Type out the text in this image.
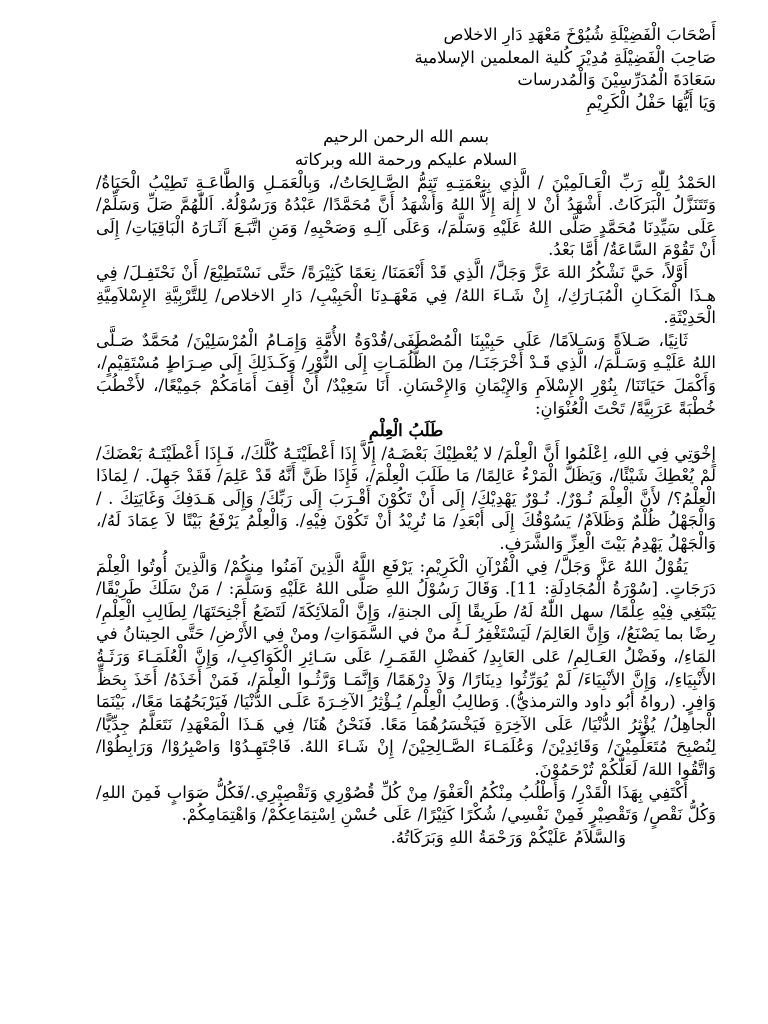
أَصْحَابَ الْفَضِيْلَةِ شُيُوْخَ مَعْهَدِ دَارِ الاخلاص

صَاحِبَ الْفَضِيْلَةِ مُدِيْرَ كُلية المعلمين الإسلامية

سَعَادَةَ الْمُدَرِّسِيْنَ وَالْمُدرسات

وَيَا أَيُّهَا حَفْلُ الْكَرِيْمِ

بسم الله الرحمن الرحيم

السلام عليكم ورحمة الله وبركاته

الحَمْدُ لِلّٰهِ رَبِّ الْعَـالَمِيْنَ / الَّذِي بِنِعْمَتِـهِ تَتِمُّ الصَّـالِحَاتُ/، وَبِالْعَمَـلِ وَالطَّاعَـةِ تَطِيْبُ الْحَيَاةُ/ وَتَتَنَزَّلُ الْبَرَكَاتُ. أَشْهَدُ أَنْ لا إِلٰهَ إِلاَّ اللهُ وَأَشْهَدُ أَنَّ مُحَمَّدًا/ عَبْدُهُ وَرَسُوْلُهُ. اَللّٰهُمَّ صَلِّ وَسَلِّمْ/ عَلَى سَيِّدِنَا مُحَمَّدٍ صَلَّى اللهُ عَلَيْهِ وَسَلَّمَ/، وَعَلَى آلِـهِ وَصَحْبِهِ/ وَمَنِ اتَّبَـعَ آثَـارَهُ الْبَاقِيَاتِ/ إِلَى أَنْ تَقُوْمَ السَّاعَةُ/ أَمَّا بَعْدُ.

أَوَّلاً، حَيَّ نَشْكُرُ اللهَ عَزَّ وَجَلَّ/ الَّذِي قَدْ أَنْعَمَنَا/ نِعَمًا كَثِيْرَةً/ حَتَّى نَسْتَطِيْعَ/ أَنْ نَحْتَفِـلَ/ فِي هـذَا الْمَكَـانِ الْمُبَـارَكِ/، إِنْ شَـاءَ اللهُ/ فِي مَعْهَـدِنَا الْحَبِيْبِ/ دَارِ الاخلاص/ لِلتَّرْبِيَّةِ الإِسْلاَمِيَّةِ الْحَدِيْثَةِ.

ثَانِيًا، صَـلاَةً وَسَـلاَمًا/ عَلَى حَبِيْبِنَا الْمُصْطَفَى/قُدْوَةُ الأُمَّةِ وَإِمَـامُ الْمُرْسَلِيْنَ/ مُحَمَّدٌ صَـلَّى اللهُ عَلَيْـهِ وَسَـلَّمَ/، الَّذِي قَـدْ أَخْرَجَنَـا/ مِنَ الظُّلُمَـاتِ إِلَى النُّوْرِ/ وَكَـذَلِكَ إِلَى صِـرَاطٍ مُسْتَقِيْمٍ/، وَأَكْمَلَ حَيَاتَنَا/ بِنُوْرِ الإِسْلاَمِ وَالإِيْمَانِ وَالإِحْسَانِ. أَنَا سَعِيْدٌ/ أَنْ أَقِفَ أَمَامَكُمْ جَمِيْعًا/، لأَخْطُبَ خُطْبَةً عَرَبِيَّةً/ تَحْتَ الْعُنْوَانِ:

طَلَبُ الْعِلْمِ

إِخْوَتِي فِي اللهِ، اِعْلَمُوا أَنَّ الْعِلْمَ/ لا يُعْطِيْكَ بَعْضَـهُ/ إِلاَّ إِذَا أَعْطَيْتَـهُ كُلَّكَ/، فَـإِذَا أَعْطَيْتَـهُ بَعْضَكَ/ لَمْ يُعْطِكَ شَيْئًا/، وَيَظَلُّ الْمَرْءُ عَالِمًا/ مَا طَلَبَ الْعِلْمَ/، فَإِذَا ظَنَّ أَنَّهُ قَدْ عَلِمَ/ فَقَدْ جَهِلَ. / لِمَاذَا الْعِلْمُ؟/ لأَنَّ الْعِلْمَ نُـوْرٌ/. نُـوْرٌ يَهْدِيْكَ/ إِلَى أَنْ تَكُوْنَ أَقْـرَبَ إِلَى رَبِّكَ/ وَإِلَى هَـدَفِكَ وَغَايَتِكَ . / وَالْجَهْلُ ظُلْمٌ وَظَلاَمٌ/ يَسُوْقُكَ إِلَى أَبْعَدِ/ مَا تُرِيْدُ أَنْ تَكُوْنَ فِيْهِ/. وَالْعِلْمُ يَرْفَعُ بَيْتًا لاَ عِمَادَ لَهُ/، وَالْجَهْلُ يَهْدِمُ بَيْتَ الْعِزِّ وَالشَّرَفِ.

يَقُوْلُ اللهُ عَزَّ وَجَلَّ/ فِي الْقُرْآنِ الْكَرِيْمِ: يَرْفَعِ اللَّهُ الَّذِينَ آمَنُوا مِنكُمْ/ وَالَّذِينَ أُوتُوا الْعِلْمَ دَرَجَاتٍ. [سُوْرَةُ الْمُجَادِلَةِ: 11]. وَقَالَ رَسُوْلُ اللهِ صَلَّى اللهُ عَلَيْهِ وَسَلَّمَ: / مَنْ سَلَكَ طَرِيْقًا/ يَبْتَغِي فِيْهِ عِلْمًا/ سهل اللّٰهُ لَهُ/ طَرِيقًا إِلَى الجنةِ/، وَإِنَّ الْمَلاَئِكَةَ/ لَتَضَعُ أَجْنِحَتَهَا/ لِطَالِبِ الْعِلْمِ/ رِضًا بما يَصْنَعُ/، وَإِنَّ العَالِمَ/ لَيَسْتَغْفِرُ لَـهُ منْ في السَّمَوَاتِ/ ومنْ فِي الأَرْضِ/ حَتَّى الحِيتانُ في المَاءِ/، وفَضْلُ العَـالِمِ/ عَلى العَابِدِ/ كَفضْلِ القَمَـرِ/ عَلَى سَـائِرِ الْكَوَاكِبِ/، وَإِنَّ الْعُلَمَـاءَ وَرَثَـةُ الأَنْبِيَاءِ/، وَإِنَّ الأنْبِيَاءَ/ لَمْ يُوَرِّثُوا دِينَارًا/ وَلاَ دِرْهَمًا/ وَإِنَّمَـا وَرَّثُـوا الْعِلْمَ/، فَمَنْ أَخَذَهُ/ أَخَذَ بِحَظٍّ وَافِرٍ. (رواهُ أَبُو داود والترمذيُّ). وَطالِبُ الْعِلْمِ/ يُـؤْثِرُ الآخِـرَةَ عَلَـى الدُّنْيَا/ فَيَرْبَحُهُمَا مَعًا/، بَيْنَمَا الْجاهِلُ/ يُؤْثِرُ الدُّنْيَا/ عَلَى الآخِرَةِ فَيَخْسَرُهُمَا مَعًا. فَنَحْنُ هُنَا/ فِي هَـذَا الْمَعْهَدِ/ نَتَعَلَّمُ جِدِّيًّا/ لِنُصْبِحَ مُتَعَلِّمِيْنَ/ وَقَائِدِيْنَ/ وَعُلَمَـاءَ الصَّـالِحِيْنَ/ إِنْ شَـاءَ اللهُ. فَاجْتَهِـدُوْا وَاصْبِرُوْا/ وَرَابِطُوْا/ وَاتَّقُوا اللهَ/ لَعَلَّكُمْ تُرْحَمُوْنَ.

أَكْتَفِي بِهَذَا الْقَدْرِ/ وَأَطْلُبُ مِنْكُمُ الْعَفْوَ/ مِنْ كُلِّ قُصُوْرِي وَتَقْصِيْرِي./فَكُلُّ صَوَابٍ فَمِنَ اللهِ/ وَكُلُّ نَقْصٍ/ وَتَقْصِيْرٍ فَمِنْ نَفْسِي/ شُكْرًا كَثِيْرًا/ عَلَى حُسْنِ اِسْتِمَاعِكُمْ/ وَاهْتِمَامِكُمْ.

وَالسَّلاَمُ عَلَيْكُمْ وَرَحْمَةُ اللهِ وَبَرَكَاتُهُ.
